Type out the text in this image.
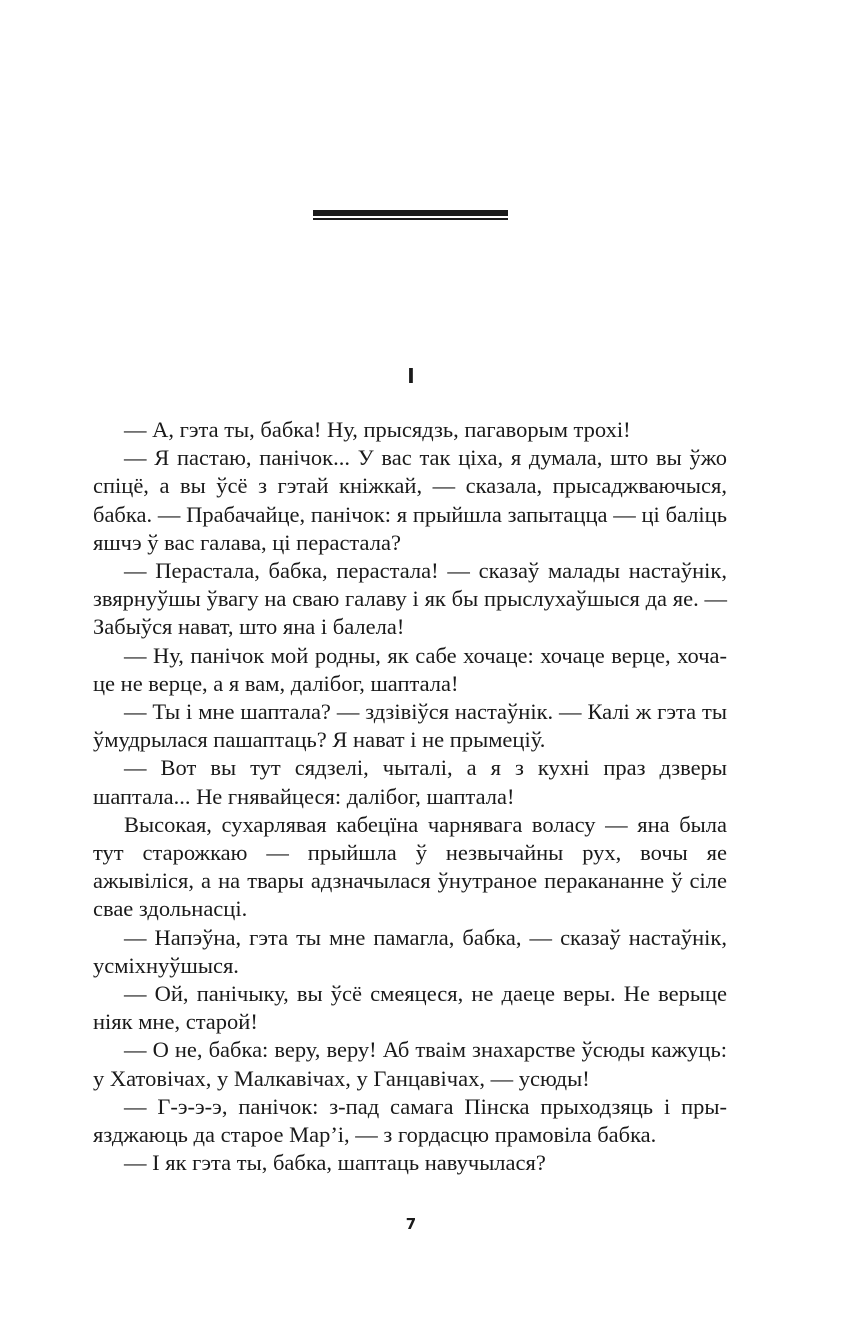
I

— А, гэта ты, бабка! Ну, прысядзь, пагаворым трохі!

— Я пастаю, панічок... У вас так ціха, я думала, што вы ўжо спіцё, а вы ўсё з гэтай кніжкай, — сказала, прысаджваючыся, бабка. — Прабачайце, панічок: я прыйшла запытацца — ці баліць яшчэ ў вас галава, ці перастала?

— Перастала, бабка, перастала! — сказаў малады настаўнік, звярнуўшы ўвагу на сваю галаву і як бы прыслухаўшыся да яе. — Забыўся нават, што яна і балела!

— Ну, панічок мой родны, як сабе хочаце: хочаце верце, хочаце не верце, а я вам, далібог, шаптала!

— Ты і мне шаптала? — здзівіўся настаўнік. — Калі ж гэта ты ўмудрылася пашаптаць? Я нават і не прымеціў.

— Вот вы тут сядзелі, чыталі, а я з кухні праз дзверы шаптала... Не гнявайцеся: далібог, шаптала!

Высокая, сухарлявая кабецїна чарнявага воласу — яна была тут старожкаю — прыйшла ў незвычайны рух, вочы яе ажывіліся, а на твары адзначылася ўнутраное перакананне ў сіле свае здольнасці.

— Напэўна, гэта ты мне памагла, бабка, — сказаў настаўнік, усміхнуўшыся.

— Ой, панічыку, вы ўсё смеяцеся, не даеце веры. Не верыце ніяк мне, старой!

— О не, бабка: веру, веру! Аб тваім знахарстве ўсюды кажуць: у Хатовічах, у Малкавічах, у Ганцавічах, — усюды!

— Г-э-э-э, панічок: з-пад самага Пінска прыходзяць і прыязджаюць да старое Мар’і, — з гордасцю прамовіла бабка.

— І як гэта ты, бабка, шаптаць навучылася?

7
